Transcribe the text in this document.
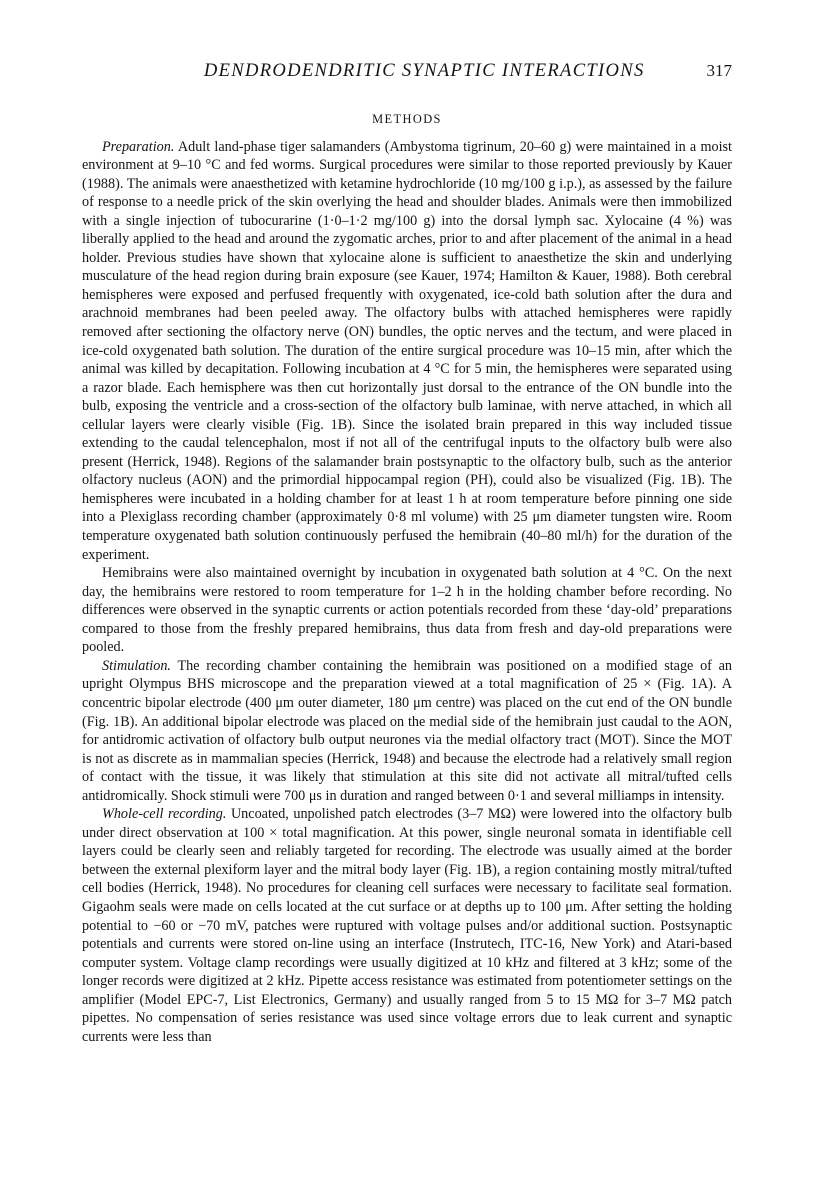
DENDRODENDRITIC SYNAPTIC INTERACTIONS	317
METHODS

Preparation. Adult land-phase tiger salamanders (Ambystoma tigrinum, 20–60 g) were maintained in a moist environment at 9–10 °C and fed worms. Surgical procedures were similar to those reported previously by Kauer (1988). The animals were anaesthetized with ketamine hydrochloride (10 mg/100 g i.p.), as assessed by the failure of response to a needle prick of the skin overlying the head and shoulder blades. Animals were then immobilized with a single injection of tubocurarine (1·0–1·2 mg/100 g) into the dorsal lymph sac. Xylocaine (4 %) was liberally applied to the head and around the zygomatic arches, prior to and after placement of the animal in a head holder. Previous studies have shown that xylocaine alone is sufficient to anaesthetize the skin and underlying musculature of the head region during brain exposure (see Kauer, 1974; Hamilton & Kauer, 1988). Both cerebral hemispheres were exposed and perfused frequently with oxygenated, ice-cold bath solution after the dura and arachnoid membranes had been peeled away. The olfactory bulbs with attached hemispheres were rapidly removed after sectioning the olfactory nerve (ON) bundles, the optic nerves and the tectum, and were placed in ice-cold oxygenated bath solution. The duration of the entire surgical procedure was 10–15 min, after which the animal was killed by decapitation. Following incubation at 4 °C for 5 min, the hemispheres were separated using a razor blade. Each hemisphere was then cut horizontally just dorsal to the entrance of the ON bundle into the bulb, exposing the ventricle and a cross-section of the olfactory bulb laminae, with nerve attached, in which all cellular layers were clearly visible (Fig. 1B). Since the isolated brain prepared in this way included tissue extending to the caudal telencephalon, most if not all of the centrifugal inputs to the olfactory bulb were also present (Herrick, 1948). Regions of the salamander brain postsynaptic to the olfactory bulb, such as the anterior olfactory nucleus (AON) and the primordial hippocampal region (PH), could also be visualized (Fig. 1B). The hemispheres were incubated in a holding chamber for at least 1 h at room temperature before pinning one side into a Plexiglass recording chamber (approximately 0·8 ml volume) with 25 μm diameter tungsten wire. Room temperature oxygenated bath solution continuously perfused the hemibrain (40–80 ml/h) for the duration of the experiment.

Hemibrains were also maintained overnight by incubation in oxygenated bath solution at 4 °C. On the next day, the hemibrains were restored to room temperature for 1–2 h in the holding chamber before recording. No differences were observed in the synaptic currents or action potentials recorded from these ‘day-old’ preparations compared to those from the freshly prepared hemibrains, thus data from fresh and day-old preparations were pooled.

Stimulation. The recording chamber containing the hemibrain was positioned on a modified stage of an upright Olympus BHS microscope and the preparation viewed at a total magnification of 25 × (Fig. 1A). A concentric bipolar electrode (400 μm outer diameter, 180 μm centre) was placed on the cut end of the ON bundle (Fig. 1B). An additional bipolar electrode was placed on the medial side of the hemibrain just caudal to the AON, for antidromic activation of olfactory bulb output neurones via the medial olfactory tract (MOT). Since the MOT is not as discrete as in mammalian species (Herrick, 1948) and because the electrode had a relatively small region of contact with the tissue, it was likely that stimulation at this site did not activate all mitral/tufted cells antidromically. Shock stimuli were 700 μs in duration and ranged between 0·1 and several milliamps in intensity.

Whole-cell recording. Uncoated, unpolished patch electrodes (3–7 MΩ) were lowered into the olfactory bulb under direct observation at 100 × total magnification. At this power, single neuronal somata in identifiable cell layers could be clearly seen and reliably targeted for recording. The electrode was usually aimed at the border between the external plexiform layer and the mitral body layer (Fig. 1B), a region containing mostly mitral/tufted cell bodies (Herrick, 1948). No procedures for cleaning cell surfaces were necessary to facilitate seal formation. Gigaohm seals were made on cells located at the cut surface or at depths up to 100 μm. After setting the holding potential to −60 or −70 mV, patches were ruptured with voltage pulses and/or additional suction. Postsynaptic potentials and currents were stored on-line using an interface (Instrutech, ITC-16, New York) and Atari-based computer system. Voltage clamp recordings were usually digitized at 10 kHz and filtered at 3 kHz; some of the longer records were digitized at 2 kHz. Pipette access resistance was estimated from potentiometer settings on the amplifier (Model EPC-7, List Electronics, Germany) and usually ranged from 5 to 15 MΩ for 3–7 MΩ patch pipettes. No compensation of series resistance was used since voltage errors due to leak current and synaptic currents were less than
